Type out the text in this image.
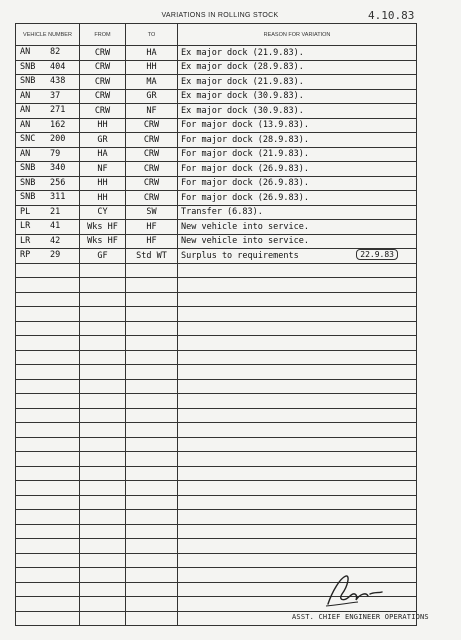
VARIATIONS IN ROLLING STOCK	4.10.83
VEHICLE NUMBER	FROM	TO	REASON FOR VARIATION

AN 82	CRW	HA	Ex major dock (21.9.83).

SNB 404	CRW	HH	Ex major dock (28.9.83).

SNB 438	CRW	MA	Ex major dock (21.9.83).

AN 37	CRW	GR	Ex major dock (30.9.83).

AN 271	CRW	NF	Ex major dock (30.9.83).

AN 162	HH	CRW	For major dock (13.9.83).

SNC 200	GR	CRW	For major dock (28.9.83).

AN 79	HA	CRW	For major dock (21.9.83).

SNB 340	NF	CRW	For major dock (26.9.83).

SNB 256	HH	CRW	For major dock (26.9.83).

SNB 311	HH	CRW	For major dock (26.9.83).

PL 21	CY	SW	Transfer (6.83).

LR 41	Wks HF	HF	New vehicle into service.

LR 42	Wks HF	HF	New vehicle into service.

RP 29	GF	Std WT	Surplus to requirements 22.9.83

ASST. CHIEF ENGINEER OPERATIONS
